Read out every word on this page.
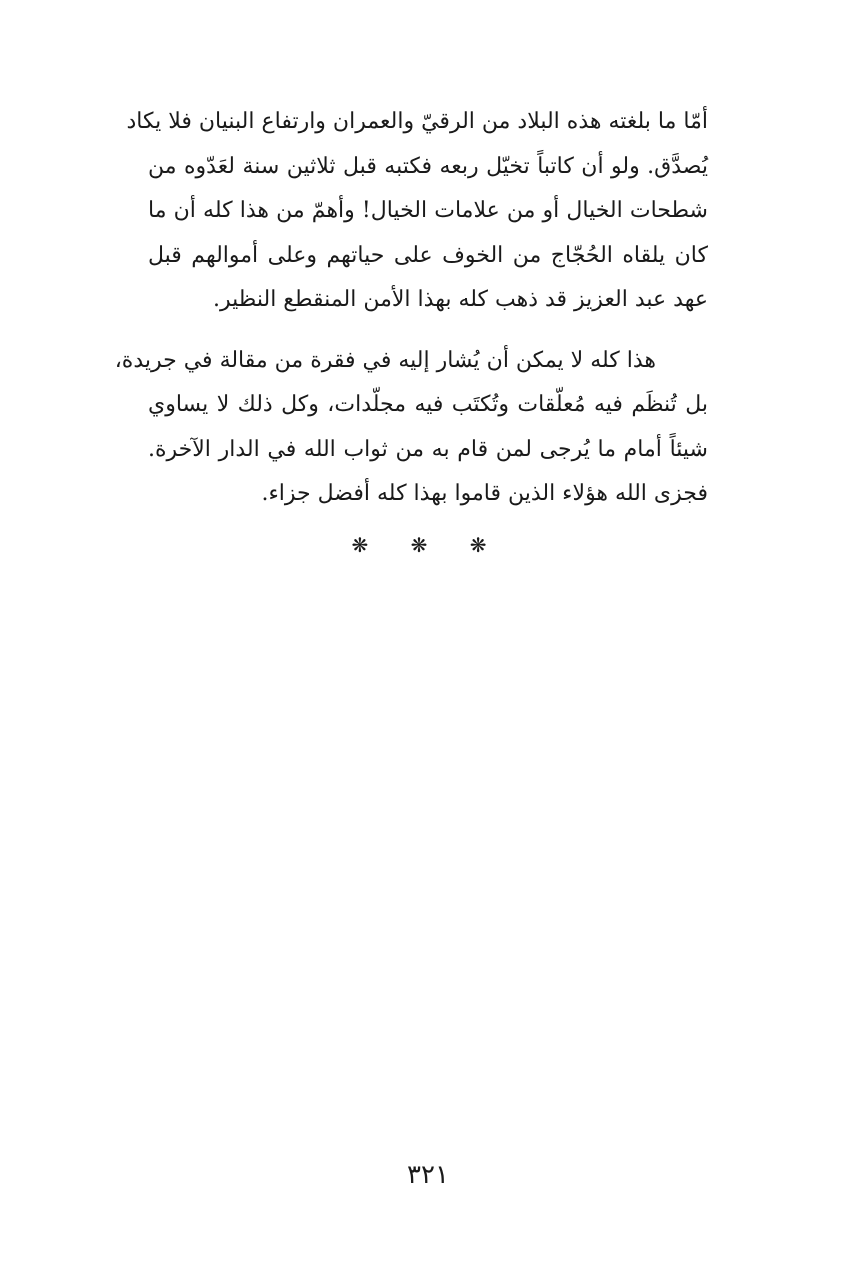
أمّا ما بلغته هذه البلاد من الرقيّ والعمران وارتفاع البنيان فلا يكاد
يُصدَّق. ولو أن كاتباً تخيّل ربعه فكتبه قبل ثلاثين سنة لعَدّوه من
شطحات الخيال أو من علامات الخيال! وأهمّ من هذا كله أن ما
كان يلقاه الحُجّاج من الخوف على حياتهم وعلى أموالهم قبل
عهد عبد العزيز قد ذهب كله بهذا الأمن المنقطع النظير.

هذا كله لا يمكن أن يُشار إليه في فقرة من مقالة في جريدة،
بل تُنظَم فيه مُعلّقات وتُكتَب فيه مجلّدات، وكل ذلك لا يساوي
شيئاً أمام ما يُرجى لمن قام به من ثواب الله في الدار الآخرة.
فجزى الله هؤلاء الذين قاموا بهذا كله أفضل جزاء.

❋ ❋ ❋
٣٢١
